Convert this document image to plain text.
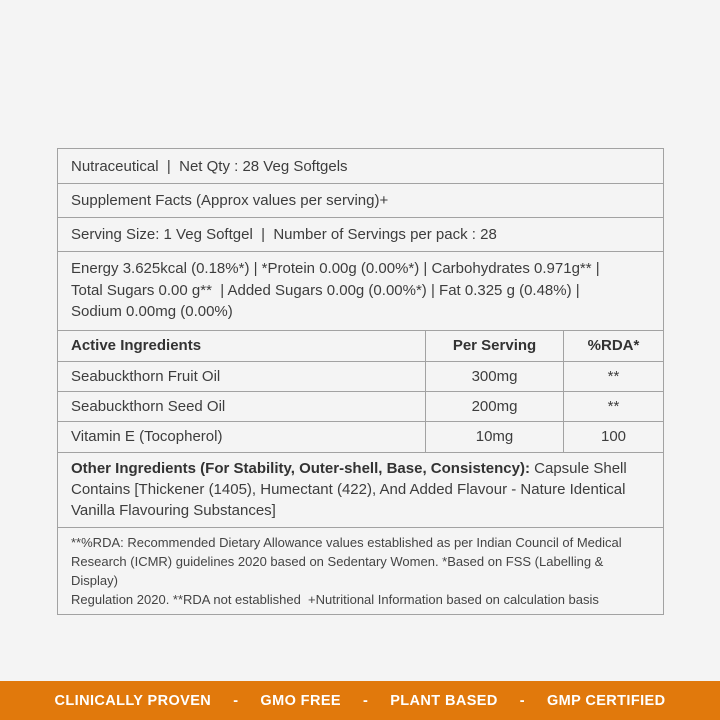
Nutraceutical  |  Net Qty : 28 Veg Softgels
Supplement Facts (Approx values per serving)+
Serving Size: 1 Veg Softgel  |  Number of Servings per pack : 28
Energy 3.625kcal (0.18%*) | *Protein 0.00g (0.00%*) | Carbohydrates 0.971g** |
Total Sugars 0.00 g**  | Added Sugars 0.00g (0.00%*) | Fat 0.325 g (0.48%) |
Sodium 0.00mg (0.00%)
Active Ingredients	Per Serving	%RDA*
Seabuckthorn Fruit Oil	300mg	**
Seabuckthorn Seed Oil	200mg	**
Vitamin E (Tocopherol)	10mg	100
Other Ingredients (For Stability, Outer-shell, Base, Consistency): Capsule Shell Contains [Thickener (1405), Humectant (422), And Added Flavour - Nature Identical Vanilla Flavouring Substances]
**%RDA: Recommended Dietary Allowance values established as per Indian Council of Medical
Research (ICMR) guidelines 2020 based on Sedentary Women. *Based on FSS (Labelling & Display)
Regulation 2020. **RDA not established  +Nutritional Information based on calculation basis
CLINICALLY PROVEN - GMO FREE - PLANT BASED - GMP CERTIFIED
